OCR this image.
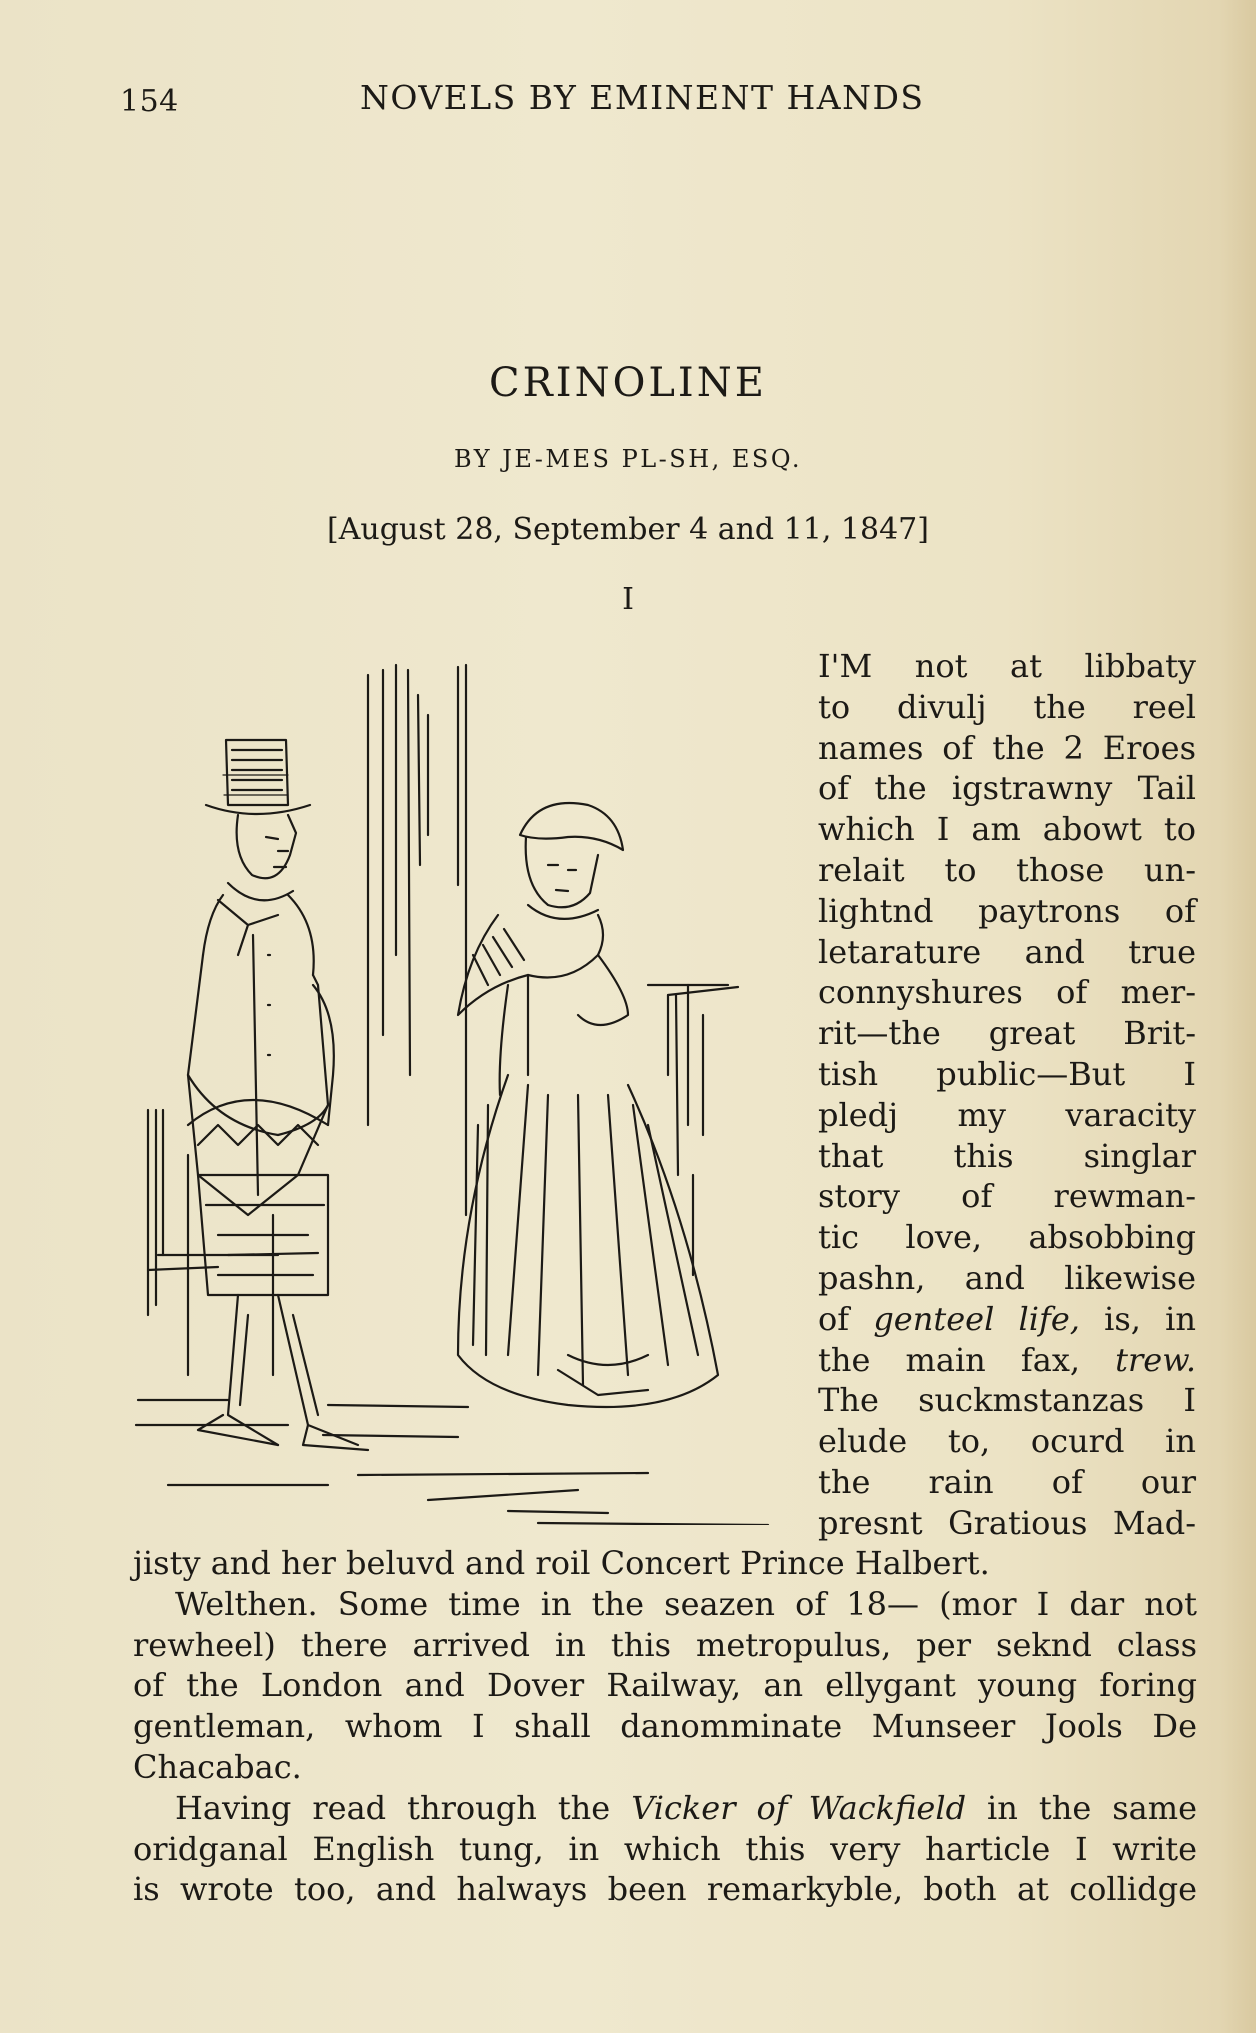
154	NOVELS BY EMINENT HANDS
CRINOLINE
BY JE-MES PL-SH, ESQ.
[August 28, September 4 and 11, 1847]
I
I'M not at libbaty
to divulj the reel
names of the 2 Eroes
of the igstrawny Tail
which I am abowt to
relait to those un-
lightnd paytrons of
letarature and true
connyshures of mer-
rit—the great Brit-
tish public—But I
pledj my varacity
that this singlar
story of rewman-
tic love, absobbing
pashn, and likewise
of genteel life, is, in
the main fax, trew.
The suckmstanzas I
elude to, ocurd in
the rain of our
presnt Gratious Mad-
jisty and her beluvd and roil Concert Prince Halbert.
Welthen. Some time in the seazen of 18— (mor I dar not
rewheel) there arrived in this metropulus, per seknd class
of the London and Dover Railway, an ellygant young foring
gentleman, whom I shall danomminate Munseer Jools De
Chacabac.
Having read through the Vicker of Wackfield in the same
oridganal English tung, in which this very harticle I write
is wrote too, and halways been remarkyble, both at collidge
